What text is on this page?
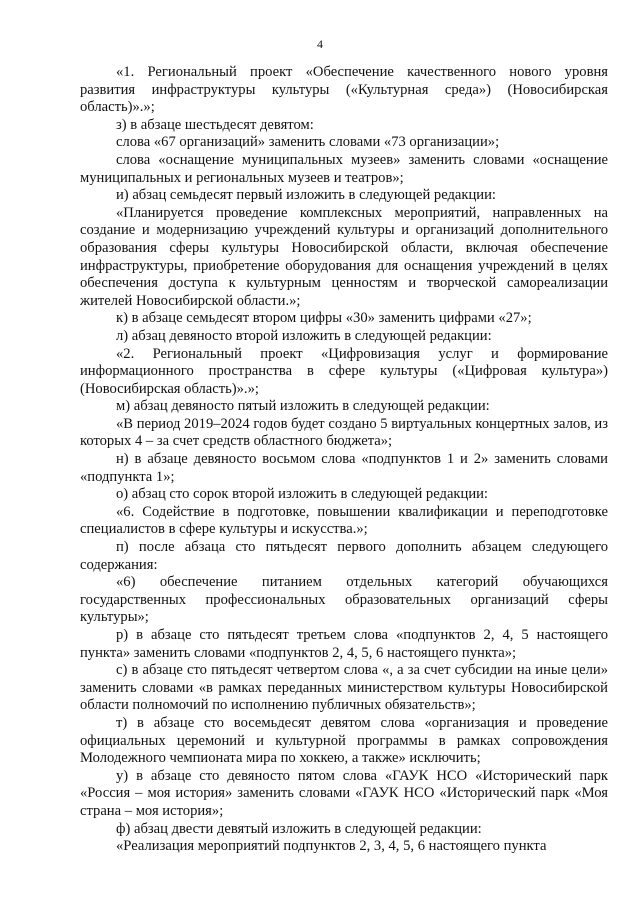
4

«1. Региональный проект «Обеспечение качественного нового уровня развития инфраструктуры культуры («Культурная среда») (Новосибирская область)».»;

з) в абзаце шестьдесят девятом:

слова «67 организаций» заменить словами «73 организации»;

слова «оснащение муниципальных музеев» заменить словами «оснащение муниципальных и региональных музеев и театров»;

и) абзац семьдесят первый изложить в следующей редакции:

«Планируется проведение комплексных мероприятий, направленных на создание и модернизацию учреждений культуры и организаций дополнительного образования сферы культуры Новосибирской области, включая обеспечение инфраструктуры, приобретение оборудования для оснащения учреждений в целях обеспечения доступа к культурным ценностям и творческой самореализации жителей Новосибирской области.»;

к) в абзаце семьдесят втором цифры «30» заменить цифрами «27»;

л) абзац девяносто второй изложить в следующей редакции:

«2. Региональный проект «Цифровизация услуг и формирование информационного пространства в сфере культуры («Цифровая культура») (Новосибирская область)».»;

м) абзац девяносто пятый изложить в следующей редакции:

«В период 2019–2024 годов будет создано 5 виртуальных концертных залов, из которых 4 – за счет средств областного бюджета»;

н) в абзаце девяносто восьмом слова «подпунктов 1 и 2» заменить словами «подпункта 1»;

о) абзац сто сорок второй изложить в следующей редакции:

«6. Содействие в подготовке, повышении квалификации и переподготовке специалистов в сфере культуры и искусства.»;

п) после абзаца сто пятьдесят первого дополнить абзацем следующего содержания:

«6) обеспечение питанием отдельных категорий обучающихся государственных профессиональных образовательных организаций сферы культуры»;

р) в абзаце сто пятьдесят третьем слова «подпунктов 2, 4, 5 настоящего пункта» заменить словами «подпунктов 2, 4, 5, 6 настоящего пункта»;

с) в абзаце сто пятьдесят четвертом слова «, а за счет субсидии на иные цели» заменить словами «в рамках переданных министерством культуры Новосибирской области полномочий по исполнению публичных обязательств»;

т) в абзаце сто восемьдесят девятом слова «организация и проведение официальных церемоний и культурной программы в рамках сопровождения Молодежного чемпионата мира по хоккею, а также» исключить;

у) в абзаце сто девяносто пятом слова «ГАУК НСО «Исторический парк «Россия – моя история» заменить словами «ГАУК НСО «Исторический парк «Моя страна – моя история»;

ф) абзац двести девятый изложить в следующей редакции:

«Реализация мероприятий подпунктов 2, 3, 4, 5, 6 настоящего пункта
